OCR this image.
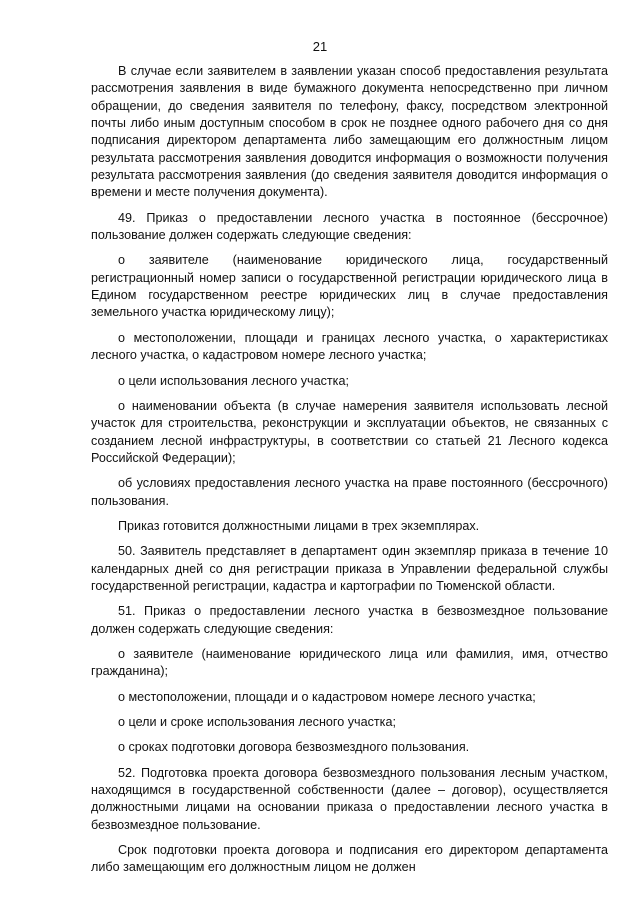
21

В случае если заявителем в заявлении указан способ предоставления результата рассмотрения заявления в виде бумажного документа непосредственно при личном обращении, до сведения заявителя по телефону, факсу, посредством электронной почты либо иным доступным способом в срок не позднее одного рабочего дня со дня подписания директором департамента либо замещающим его должностным лицом результата рассмотрения заявления доводится информация о возможности получения результата рассмотрения заявления (до сведения заявителя доводится информация о времени и месте получения документа).

49. Приказ о предоставлении лесного участка в постоянное (бессрочное) пользование должен содержать следующие сведения:

о заявителе (наименование юридического лица, государственный регистрационный номер записи о государственной регистрации юридического лица в Едином государственном реестре юридических лиц в случае предоставления земельного участка юридическому лицу);

о местоположении, площади и границах лесного участка, о характеристиках лесного участка, о кадастровом номере лесного участка;

о цели использования лесного участка;

о наименовании объекта (в случае намерения заявителя использовать лесной участок для строительства, реконструкции и эксплуатации объектов, не связанных с созданием лесной инфраструктуры, в соответствии со статьей 21 Лесного кодекса Российской Федерации);

об условиях предоставления лесного участка на праве постоянного (бессрочного) пользования.

Приказ готовится должностными лицами в трех экземплярах.

50. Заявитель представляет в департамент один экземпляр приказа в течение 10 календарных дней со дня регистрации приказа в Управлении федеральной службы государственной регистрации, кадастра и картографии по Тюменской области.

51. Приказ о предоставлении лесного участка в безвозмездное пользование должен содержать следующие сведения:

о заявителе (наименование юридического лица или фамилия, имя, отчество гражданина);

о местоположении, площади и о кадастровом номере лесного участка;

о цели и сроке использования лесного участка;

о сроках подготовки договора безвозмездного пользования.

52. Подготовка проекта договора безвозмездного пользования лесным участком, находящимся в государственной собственности (далее – договор), осуществляется должностными лицами на основании приказа о предоставлении лесного участка в безвозмездное пользование.

Срок подготовки проекта договора и подписания его директором департамента либо замещающим его должностным лицом не должен
